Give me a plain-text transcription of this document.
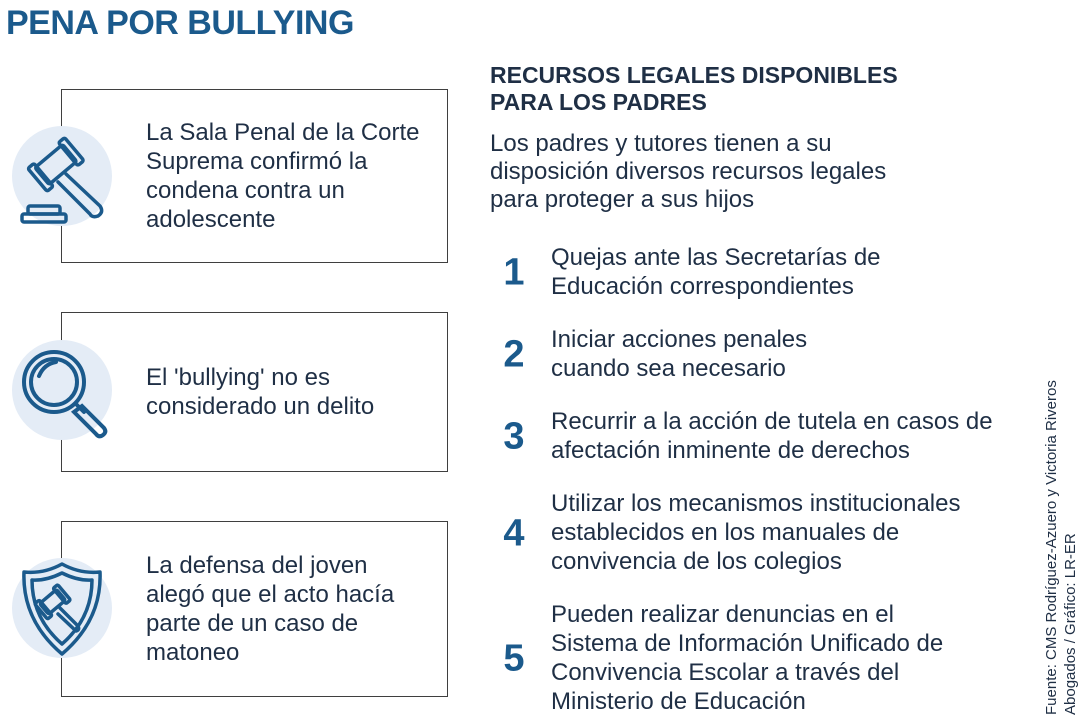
PENA POR BULLYING

La Sala Penal de la Corte Suprema confirmó la condena contra un adolescente

El 'bullying' no es considerado un delito

La defensa del joven alegó que el acto hacía parte de un caso de matoneo

RECURSOS LEGALES DISPONIBLES PARA LOS PADRES

Los padres y tutores tienen a su disposición diversos recursos legales para proteger a sus hijos

1	Quejas ante las Secretarías de Educación correspondientes

2	Iniciar acciones penales cuando sea necesario

3	Recurrir a la acción de tutela en casos de afectación inminente de derechos

4

Utilizar los mecanismos institucionales establecidos en los manuales de convivencia de los colegios

5

Pueden realizar denuncias en el Sistema de Información Unificado de Convivencia Escolar a través del Ministerio de Educación	Fuente: CMS Rodríguez-Azuero y Victoria Riveros Abogados / Gráfico: LR-ER
